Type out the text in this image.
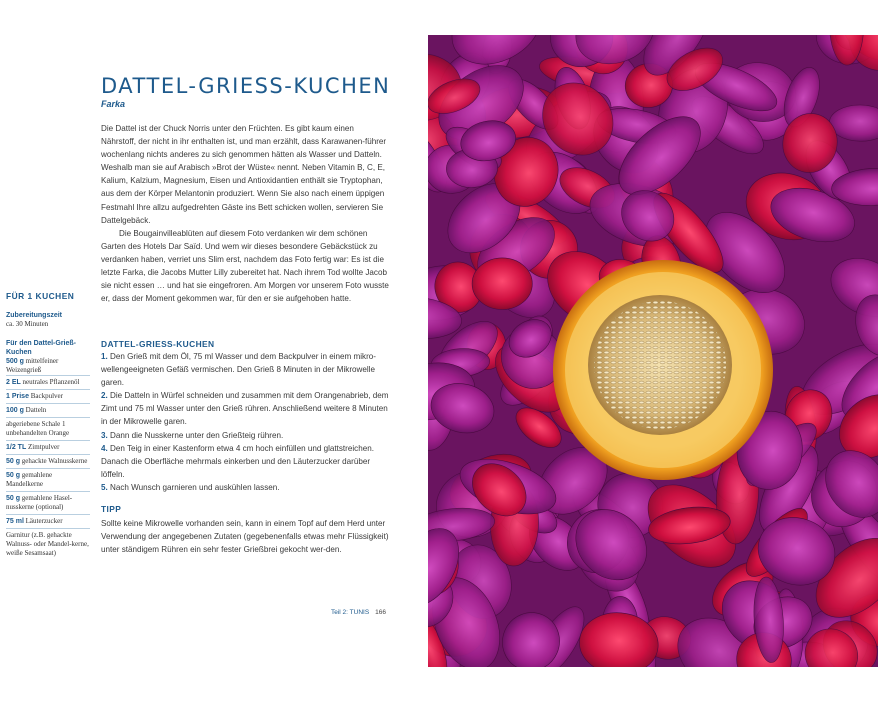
DATTEL-GRIESS-KUCHEN
Farka

Die Dattel ist der Chuck Norris unter den Früchten. Es gibt kaum einen Nährstoff, der nicht in ihr enthalten ist, und man erzählt, dass Karawanen-führer wochenlang nichts anderes zu sich genommen hätten als Wasser und Datteln. Weshalb man sie auf Arabisch »Brot der Wüste« nennt. Neben Vitamin B, C, E, Kalium, Kalzium, Magnesium, Eisen und Antioxidantien enthält sie Tryptophan, aus dem der Körper Melantonin produziert. Wenn Sie also nach einem üppigen Festmahl Ihre allzu aufgedrehten Gäste ins Bett schicken wollen, servieren Sie Dattelgebäck.

Die Bougainvilleablüten auf diesem Foto verdanken wir dem schönen Garten des Hotels Dar Saïd. Und wem wir dieses besondere Gebäckstück zu verdanken haben, verriet uns Slim erst, nachdem das Foto fertig war: Es ist die letzte Farka, die Jacobs Mutter Lilly zubereitet hat. Nach ihrem Tod wollte Jacob sie nicht essen … und hat sie eingefroren. Am Morgen vor unserem Foto wusste er, dass der Moment gekommen war, für den er sie aufgehoben hatte.

DATTEL-GRIESS-KUCHEN

1. Den Grieß mit dem Öl, 75 ml Wasser und dem Backpulver in einem mikro-wellengeeigneten Gefäß vermischen. Den Grieß 8 Minuten in der Mikrowelle garen.

2. Die Datteln in Würfel schneiden und zusammen mit dem Orangenabrieb, dem Zimt und 75 ml Wasser unter den Grieß rühren. Anschließend weitere 8 Minuten in der Mikrowelle garen.

3. Dann die Nusskerne unter den Grießteig rühren.

4. Den Teig in einer Kastenform etwa 4 cm hoch einfüllen und glattstreichen. Danach die Oberfläche mehrmals einkerben und den Läuterzucker darüber löffeln.

5. Nach Wunsch garnieren und auskühlen lassen.

TIPP
Sollte keine Mikrowelle vorhanden sein, kann in einem Topf auf dem Herd unter Verwendung der angegebenen Zutaten (gegebenenfalls etwas mehr Flüssigkeit) unter ständigem Rühren ein sehr fester Grießbrei gekocht wer-den.
FÜR 1 KUCHEN
Zubereitungszeit
ca. 30 Minuten
Für den Dattel-Grieß-Kuchen
500 g mittelfeiner Weizengrieß
2 EL neutrales Pflanzenöl
1 Prise Backpulver
100 g Datteln
abgeriebene Schale 1 unbehandelten Orange
1/2 TL Zimtpulver
50 g gehackte Walnusskerne
50 g gemahlene Mandelkerne
50 g gemahlene Hasel-nusskerne (optional)
75 ml Läuterzucker
Garnitur (z.B. gehackte Walnuss- oder Mandel-kerne, weiße Sesamsaat)
Teil 2: TUNIS 166
